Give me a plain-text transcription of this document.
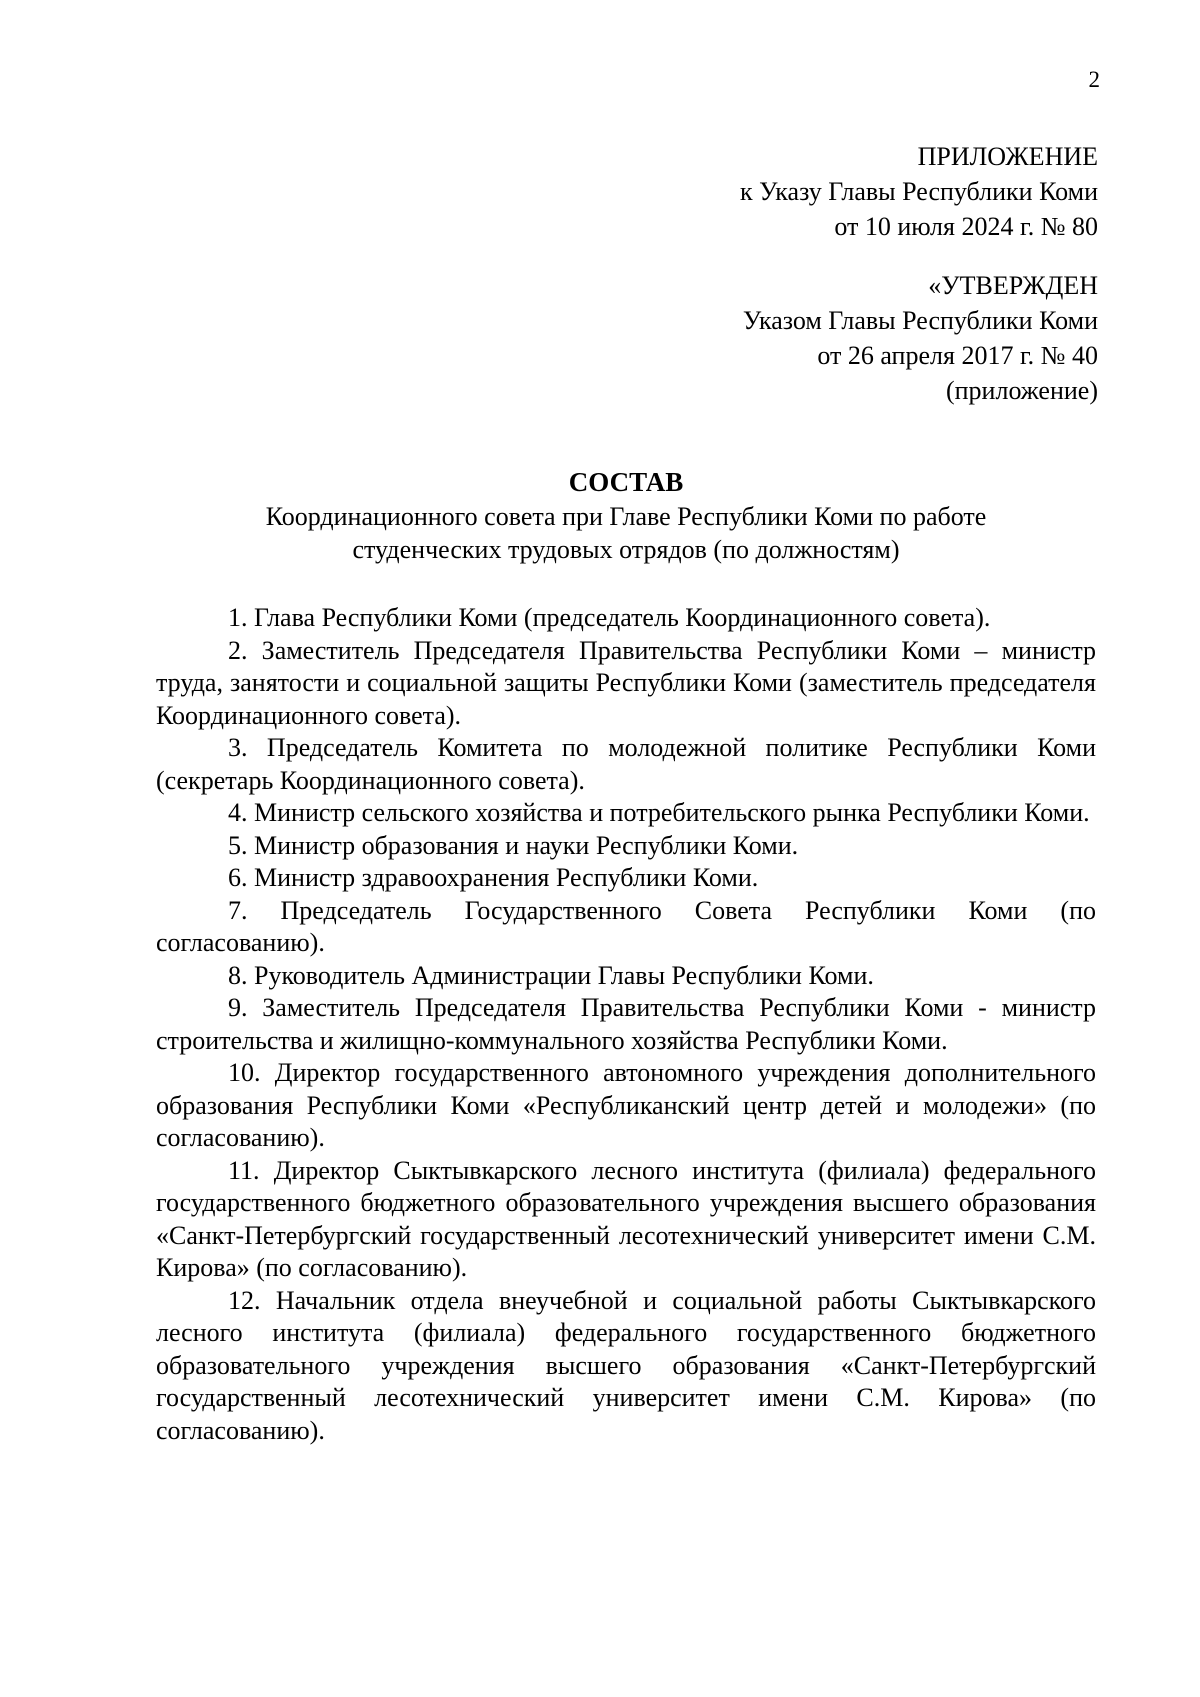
2
ПРИЛОЖЕНИЕ
к Указу Главы Республики Коми
от 10 июля 2024 г. № 80
«УТВЕРЖДЕН
Указом Главы Республики Коми
от 26 апреля 2017 г. № 40
(приложение)
СОСТАВ
Координационного совета при Главе Республики Коми по работе студенческих трудовых отрядов (по должностям)

1. Глава Республики Коми (председатель Координационного совета).

2. Заместитель Председателя Правительства Республики Коми – министр труда, занятости и социальной защиты Республики Коми (заместитель председателя Координационного совета).

3. Председатель Комитета по молодежной политике Республики Коми (секретарь Координационного совета).

4. Министр сельского хозяйства и потребительского рынка Республики Коми.

5. Министр образования и науки Республики Коми.

6. Министр здравоохранения Республики Коми.

7. Председатель Государственного Совета Республики Коми (по согласованию).

8. Руководитель Администрации Главы Республики Коми.

9. Заместитель Председателя Правительства Республики Коми - министр строительства и жилищно-коммунального хозяйства Республики Коми.

10. Директор государственного автономного учреждения дополнительного образования Республики Коми «Республиканский центр детей и молодежи» (по согласованию).

11. Директор Сыктывкарского лесного института (филиала) федерального государственного бюджетного образовательного учреждения высшего образования «Санкт-Петербургский государственный лесотехнический университет имени С.М. Кирова» (по согласованию).

12. Начальник отдела внеучебной и социальной работы Сыктывкарского лесного института (филиала) федерального государственного бюджетного образовательного учреждения высшего образования «Санкт-Петербургский государственный лесотехнический университет имени С.М. Кирова» (по согласованию).
